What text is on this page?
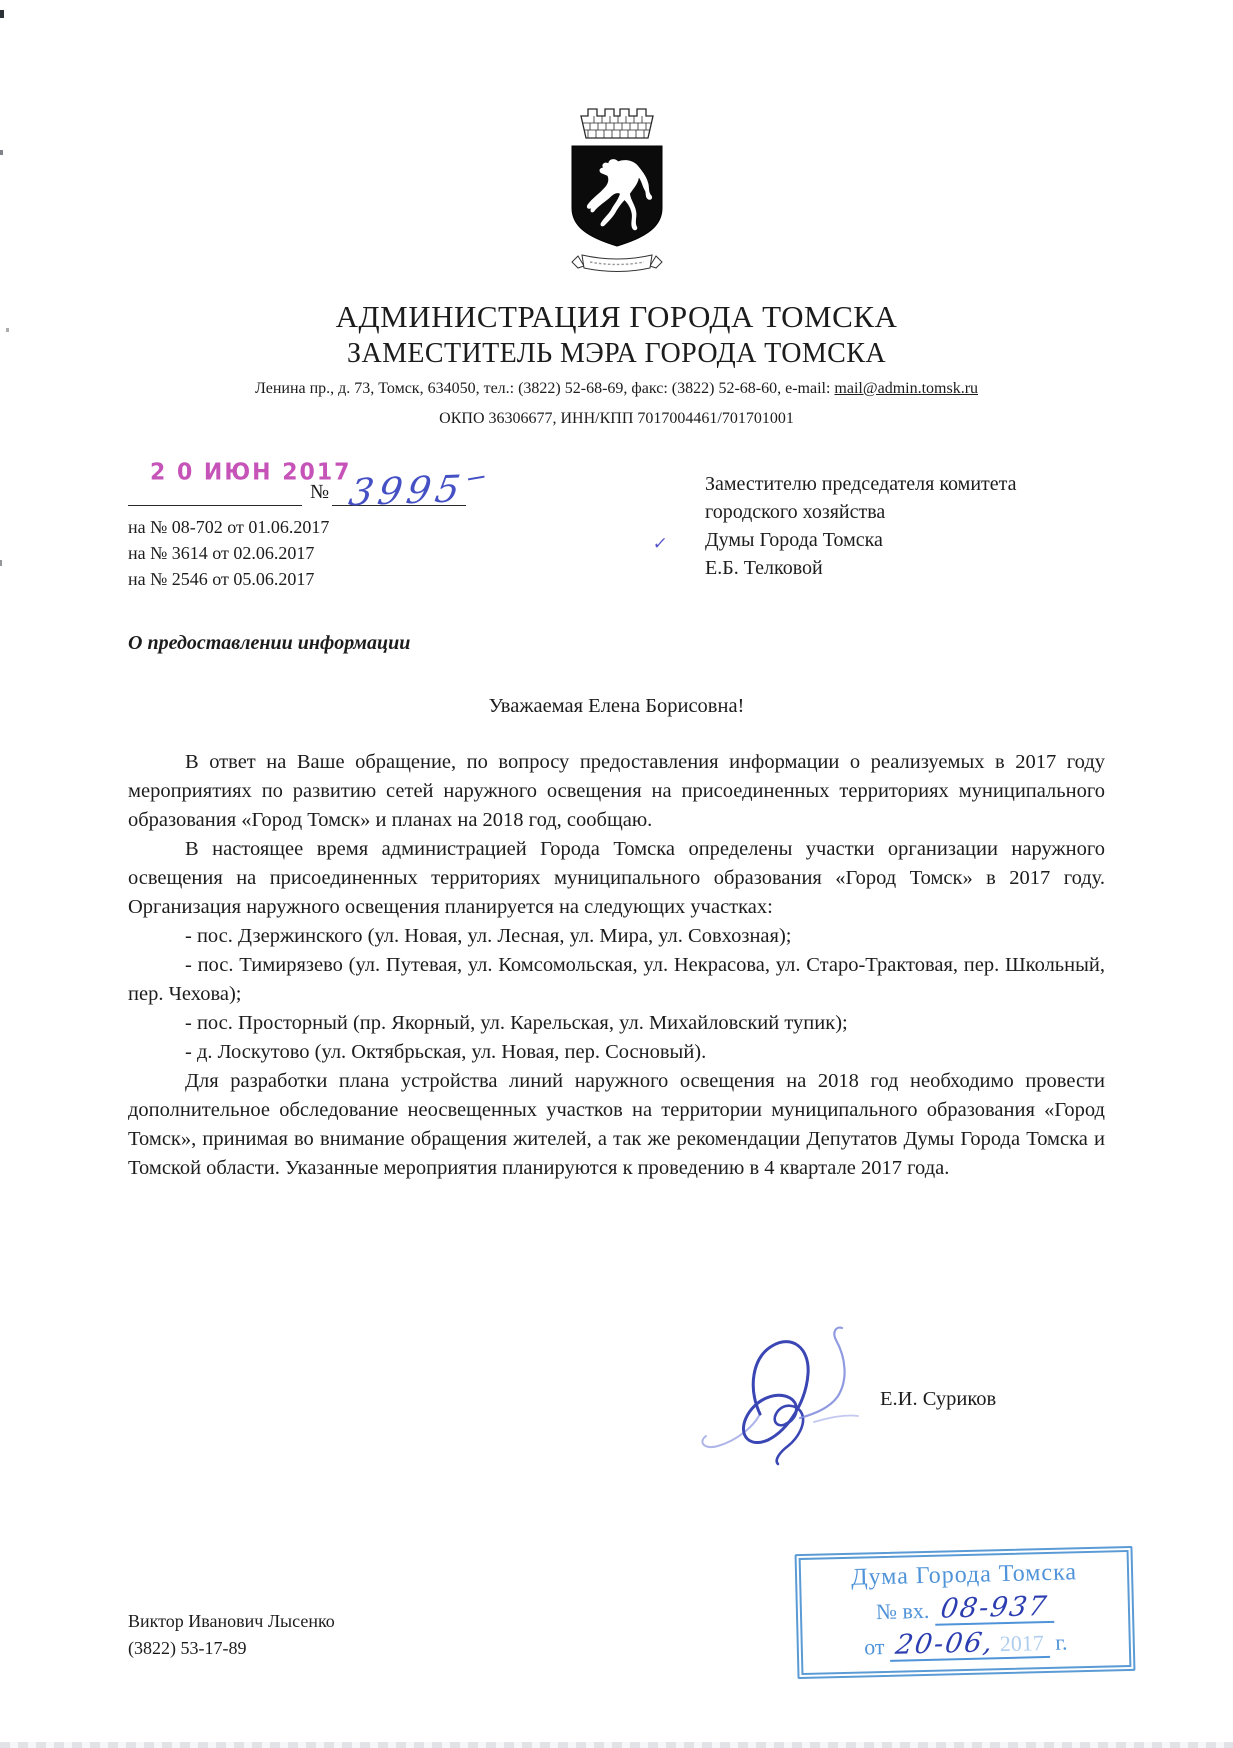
АДМИНИСТРАЦИЯ ГОРОДА ТОМСКА
ЗАМЕСТИТЕЛЬ МЭРА ГОРОДА ТОМСКА
Ленина пр., д. 73, Томск, 634050, тел.: (3822) 52-68-69, факс: (3822) 52-68-60, e-mail: mail@admin.tomsk.ru
ОКПО 36306677, ИНН/КПП 7017004461/701701001
2 0 ИЮН 2017
№ 3995
на № 08-702 от 01.06.2017
на № 3614 от 02.06.2017
на № 2546 от 05.06.2017
✓
Заместителю председателя комитета
городского хозяйства
Думы Города Томска
Е.Б. Телковой
О предоставлении информации
Уважаемая Елена Борисовна!

В ответ на Ваше обращение, по вопросу предоставления информации о реализуемых в 2017 году мероприятиях по развитию сетей наружного освещения на присоединенных территориях муниципального образования «Город Томск» и планах на 2018 год, сообщаю.

В настоящее время администрацией Города Томска определены участки организации наружного освещения на присоединенных территориях муниципального образования «Город Томск» в 2017 году. Организация наружного освещения планируется на следующих участках:

- пос. Дзержинского (ул. Новая, ул. Лесная, ул. Мира, ул. Совхозная);

- пос. Тимирязево (ул. Путевая, ул. Комсомольская, ул. Некрасова, ул. Старо-Трактовая, пер. Школьный, пер. Чехова);

- пос. Просторный (пр. Якорный, ул. Карельская, ул. Михайловский тупик);

- д. Лоскутово (ул. Октябрьская, ул. Новая, пер. Сосновый).

Для разработки плана устройства линий наружного освещения на 2018 год необходимо провести дополнительное обследование неосвещенных участков на территории муниципального образования «Город Томск», принимая во внимание обращения жителей, а так же рекомендации Депутатов Думы Города Томска и Томской области. Указанные мероприятия планируются к проведению в 4 квартале 2017 года.

Е.И. Суриков
Дума Города Томска
№ вх. 08-937
от 20-06, 2017 г.
Виктор Иванович Лысенко
(3822) 53-17-89
